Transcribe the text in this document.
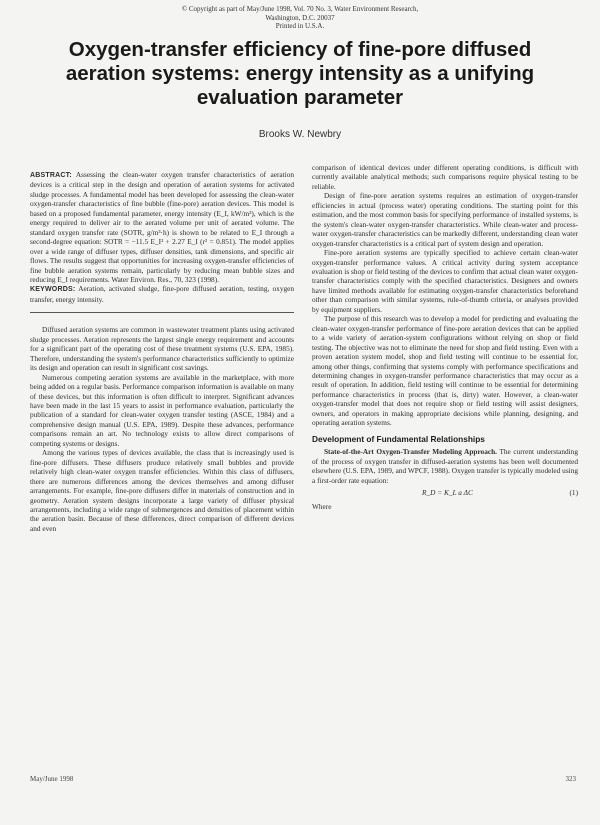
© Copyright as part of May/June 1998, Vol. 70 No. 3, Water Environment Research,
Washington, D.C. 20037
Printed in U.S.A.
Oxygen-transfer efficiency of fine-pore diffused aeration systems: energy intensity as a unifying evaluation parameter
Brooks W. Newbry

ABSTRACT: Assessing the clean-water oxygen transfer characteristics of aeration devices is a critical step in the design and operation of aeration systems for activated sludge processes. A fundamental model has been developed for assessing the clean-water oxygen-transfer characteristics of fine bubble (fine-pore) aeration devices. This model is based on a proposed fundamental parameter, energy intensity (E_I, kW/m³), which is the energy required to deliver air to the aerated volume per unit of aerated volume. The standard oxygen transfer rate (SOTR, g/m³·h) is shown to be related to E_I through a second-degree equation: SOTR = −11.5 E_I² + 2.27 E_I (r² = 0.851). The model applies over a wide range of diffuser types, diffuser densities, tank dimensions, and specific air flows. The results suggest that opportunities for increasing oxygen-transfer efficiencies of fine bubble aeration systems remain, particularly by reducing mean bubble sizes and reducing E_I requirements. Water Environ. Res., 70, 323 (1998).

KEYWORDS: Aeration, activated sludge, fine-pore diffused aeration, testing, oxygen transfer, energy intensity.

Diffused aeration systems are common in wastewater treatment plants using activated sludge processes. Aeration represents the largest single energy requirement and accounts for a significant part of the operating cost of these treatment systems (U.S. EPA, 1985). Therefore, understanding the system's performance characteristics sufficiently to optimize its design and operation can result in significant cost savings.

Numerous competing aeration systems are available in the marketplace, with more being added on a regular basis. Performance comparison information is available on many of these devices, but this information is often difficult to interpret. Significant advances have been made in the last 15 years to assist in performance evaluation, particularly the publication of a standard for clean-water oxygen transfer testing (ASCE, 1984) and a comprehensive design manual (U.S. EPA, 1989). Despite these advances, performance comparisons remain an art. No technology exists to allow direct comparisons of competing systems or designs.

Among the various types of devices available, the class that is increasingly used is fine-pore diffusers. These diffusers produce relatively small bubbles and provide relatively high clean-water oxygen transfer efficiencies. Within this class of diffusers, there are numerous differences among the devices themselves and among diffuser arrangements. For example, fine-pore diffusers differ in materials of construction and in geometry. Aeration system designs incorporate a large variety of diffuser physical arrangements, including a wide range of submergences and densities of placement within the aeration basin. Because of these differences, direct comparison of different devices and even

comparison of identical devices under different operating conditions, is difficult with currently available analytical methods; such comparisons require physical testing to be reliable.

Design of fine-pore aeration systems requires an estimation of oxygen-transfer efficiencies in actual (process water) operating conditions. The starting point for this estimation, and the most common basis for specifying performance of installed systems, is the system's clean-water oxygen-transfer characteristics. While clean-water and process-water oxygen-transfer characteristics can be markedly different, understanding clean water oxygen-transfer characteristics is a critical part of system design and operation.

Fine-pore aeration systems are typically specified to achieve certain clean-water oxygen-transfer performance values. A critical activity during system acceptance evaluation is shop or field testing of the devices to confirm that actual clean water oxygen-transfer characteristics comply with the specified characteristics. Designers and owners have limited methods available for estimating oxygen-transfer characteristics beforehand other than comparison with similar systems, rule-of-thumb criteria, or analyses provided by equipment suppliers.

The purpose of this research was to develop a model for predicting and evaluating the clean-water oxygen-transfer performance of fine-pore aeration devices that can be applied to a wide variety of aeration-system configurations without relying on shop or field testing. The objective was not to eliminate the need for shop and field testing. Even with a proven aeration system model, shop and field testing will continue to be essential for, among other things, confirming that systems comply with performance specifications and determining changes in oxygen-transfer performance characteristics that may occur as a result of operation. In addition, field testing will continue to be essential for determining performance characteristics in process (that is, dirty) water. However, a clean-water oxygen-transfer model that does not require shop or field testing will assist designers, owners, and operators in making appropriate decisions while planning, designing, and operating aeration systems.

Development of Fundamental Relationships

State-of-the-Art Oxygen-Transfer Modeling Approach. The current understanding of the process of oxygen transfer in diffused-aeration systems has been well documented elsewhere (U.S. EPA, 1989, and WPCF, 1988). Oxygen transfer is typically modeled using a first-order rate equation:

R_D = K_L a ΔC	(1)

Where

May/June 1998	323
